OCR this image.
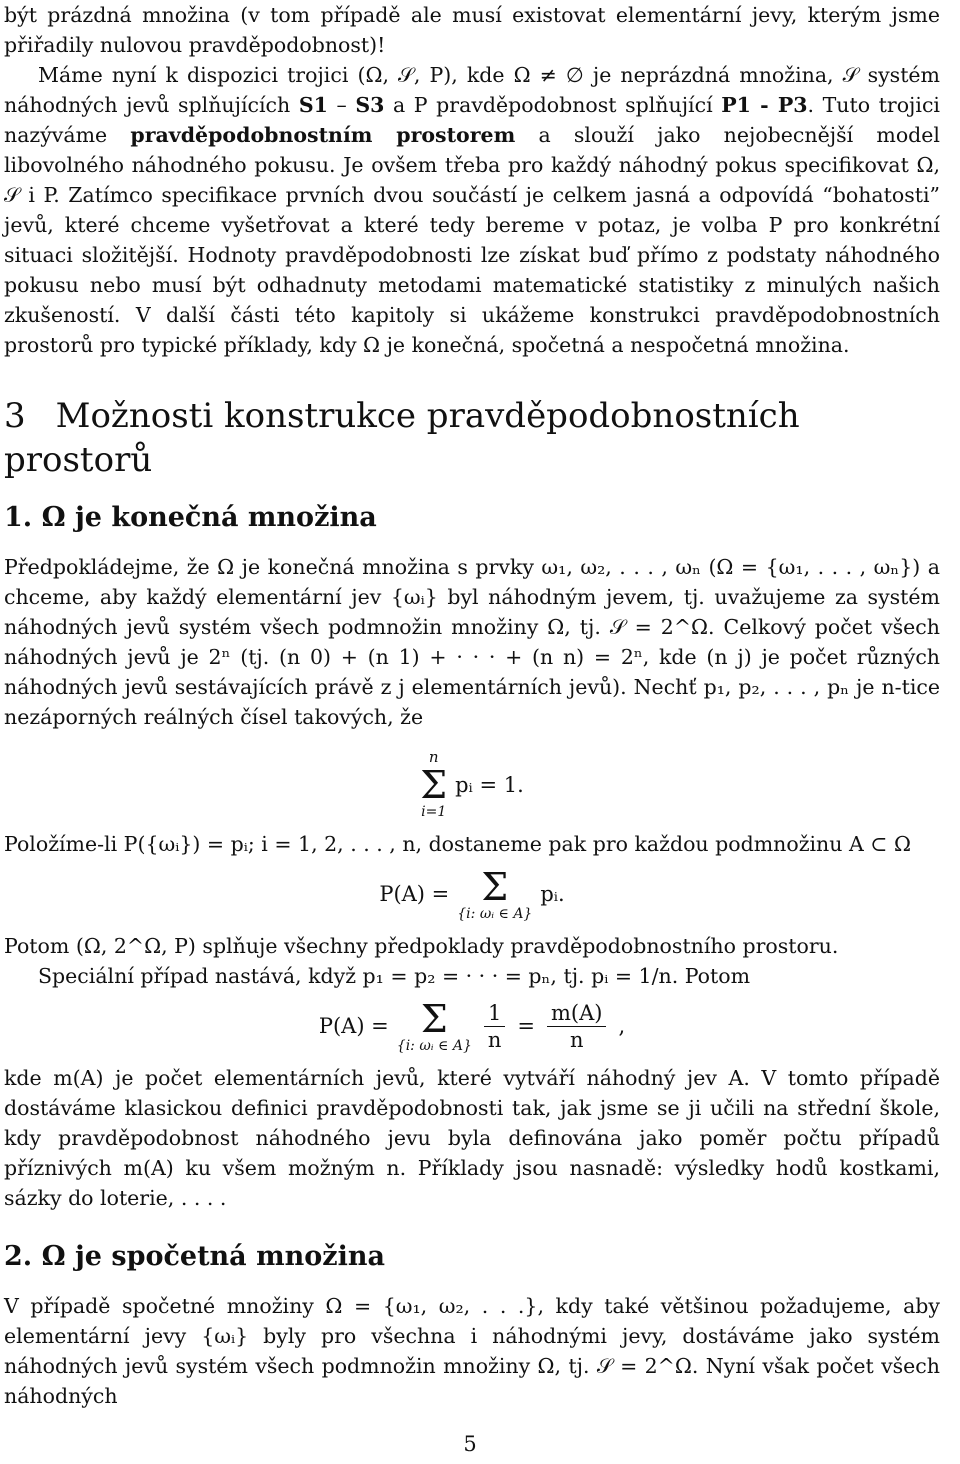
být prázdná množina (v tom případě ale musí existovat elementární jevy, kterým jsme přiřadily nulovou pravděpodobnost)!

Máme nyní k dispozici trojici (Ω, 𝒮, P), kde Ω ≠ ∅ je neprázdná množina, 𝒮 systém náhodných jevů splňujících S1 – S3 a P pravděpodobnost splňující P1 - P3. Tuto trojici nazýváme pravděpodobnostním prostorem a slouží jako nejobecnější model libovolného náhodného pokusu. Je ovšem třeba pro každý náhodný pokus specifikovat Ω, 𝒮 i P. Zatímco specifikace prvních dvou součástí je celkem jasná a odpovídá “bohatosti” jevů, které chceme vyšetřovat a které tedy bereme v potaz, je volba P pro konkrétní situaci složitější. Hodnoty pravděpodobnosti lze získat buď přímo z podstaty náhodného pokusu nebo musí být odhadnuty metodami matematické statistiky z minulých našich zkušeností. V další části této kapitoly si ukážeme konstrukci pravděpodobnostních prostorů pro typické příklady, kdy Ω je konečná, spočetná a nespočetná množina.

3 Možnosti konstrukce pravděpodobnostních prostorů
1. Ω je konečná množina

Předpokládejme, že Ω je konečná množina s prvky ω₁, ω₂, . . . , ωₙ (Ω = {ω₁, . . . , ωₙ}) a chceme, aby každý elementární jev {ωᵢ} byl náhodným jevem, tj. uvažujeme za systém náhodných jevů systém všech podmnožin množiny Ω, tj. 𝒮 = 2^Ω. Celkový počet všech náhodných jevů je 2ⁿ (tj. (n 0) + (n 1) + · · · + (n n) = 2ⁿ, kde (n j) je počet různých náhodných jevů sestávajících právě z j elementárních jevů). Nechť p₁, p₂, . . . , pₙ je n-tice nezáporných reálných čísel takových, že

n
Σ
i=1
pᵢ = 1.

Položíme-li P({ωᵢ}) = pᵢ; i = 1, 2, . . . , n, dostaneme pak pro každou podmnožinu A ⊂ Ω

P(A) = Σ
{i: ωᵢ ∈ A}
pᵢ.

Potom (Ω, 2^Ω, P) splňuje všechny předpoklady pravděpodobnostního prostoru.

Speciální případ nastává, když p₁ = p₂ = · · · = pₙ, tj. pᵢ = 1/n. Potom

P(A) = Σ
{i: ωᵢ ∈ $A\} \frac{1}{n} = \frac{m(A)}{n}$ ,

kde m(A) je počet elementárních jevů, které vytváří náhodný jev A. V tomto případě dostáváme klasickou definici pravděpodobnosti tak, jak jsme se ji učili na střední škole, kdy pravděpodobnost náhodného jevu byla definována jako poměr počtu případů příznivých m(A) ku všem možným n. Příklady jsou nasnadě: výsledky hodů kostkami, sázky do loterie, . . . .

2. Ω je spočetná množina

V případě spočetné množiny Ω = {ω₁, ω₂, . . .}, kdy také většinou požadujeme, aby elementární jevy {ωᵢ} byly pro všechna i náhodnými jevy, dostáváme jako systém náhodných jevů systém všech podmnožin množiny Ω, tj. 𝒮 = 2^Ω. Nyní však počet všech náhodných

5
